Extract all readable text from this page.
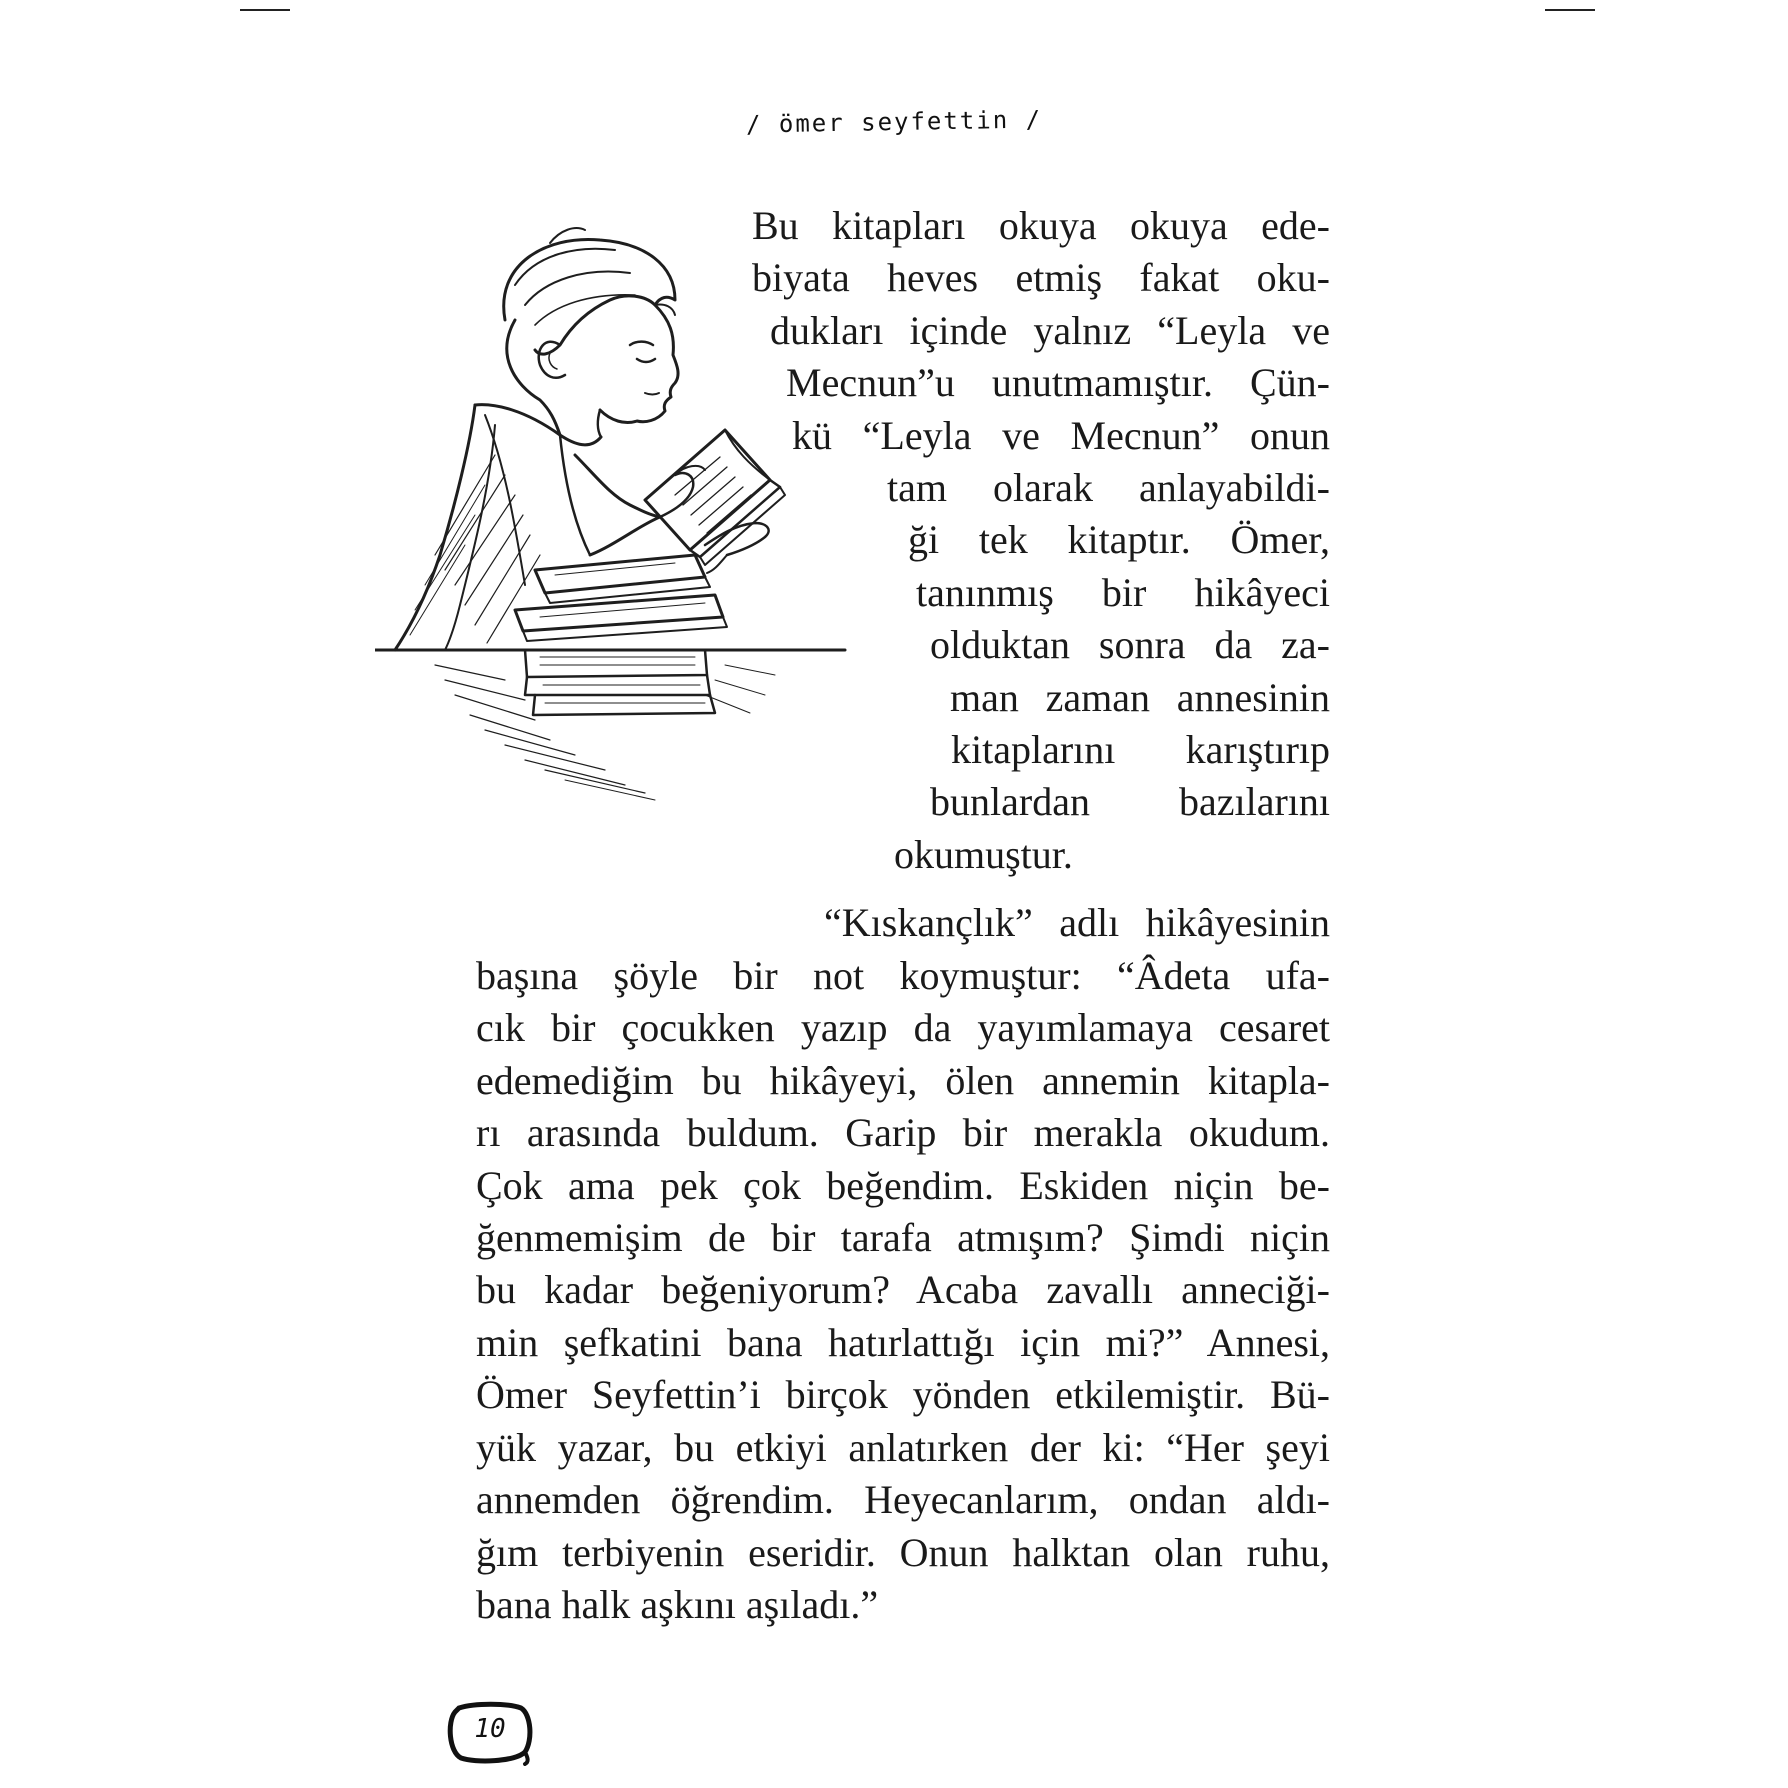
/ ömer seyfettin /
Bu kitapları okuya okuya ede-
biyata heves etmiş fakat oku-
dukları içinde yalnız “Leyla ve
Mecnun”u unutmamıştır. Çün-
kü “Leyla ve Mecnun” onun
tam olarak anlayabildi-
ği tek kitaptır. Ömer,
tanınmış bir hikâyeci
olduktan sonra da za-
man zaman annesinin
kitaplarını karıştırıp
bunlardan bazılarını
okumuştur.
“Kıskançlık” adlı hikâyesinin
başına şöyle bir not koymuştur: “Âdeta ufa-
cık bir çocukken yazıp da yayımlamaya cesaret
edemediğim bu hikâyeyi, ölen annemin kitapla-
rı arasında buldum. Garip bir merakla okudum.
Çok ama pek çok beğendim. Eskiden niçin be-
ğenmemişim de bir tarafa atmışım? Şimdi niçin
bu kadar beğeniyorum? Acaba zavallı anneciği-
min şefkatini bana hatırlattığı için mi?” Annesi,
Ömer Seyfettin’i birçok yönden etkilemiştir. Bü-
yük yazar, bu etkiyi anlatırken der ki: “Her şeyi
annemden öğrendim. Heyecanlarım, ondan aldı-
ğım terbiyenin eseridir. Onun halktan olan ruhu,
bana halk aşkını aşıladı.”
10
